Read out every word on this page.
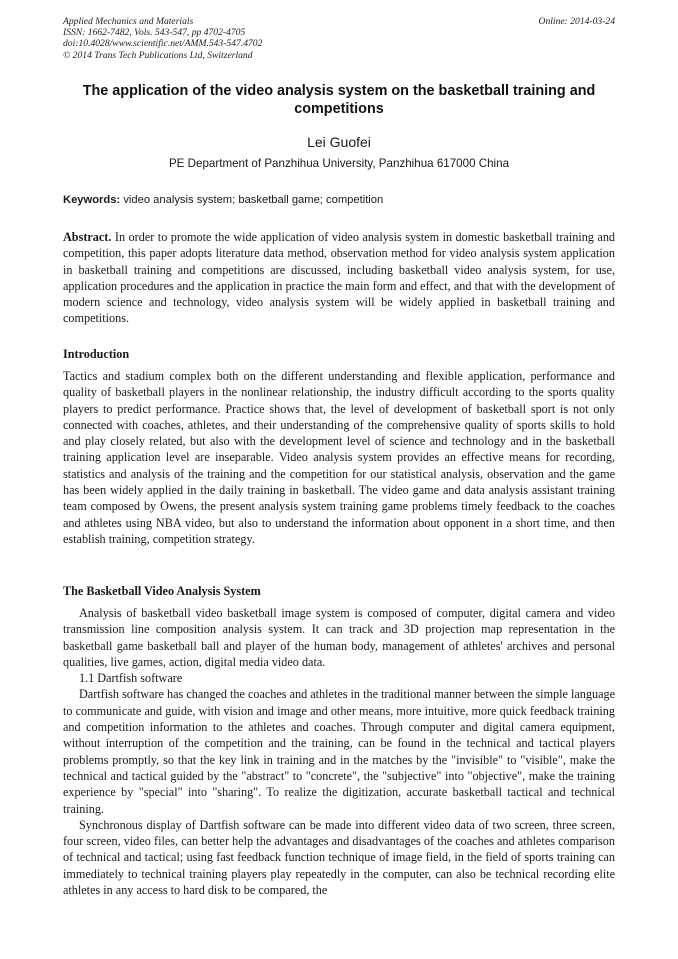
Applied Mechanics and Materials
ISSN: 1662-7482, Vols. 543-547, pp 4702-4705
doi:10.4028/www.scientific.net/AMM.543-547.4702
© 2014 Trans Tech Publications Ltd, Switzerland
Online: 2014-03-24
The application of the video analysis system on the basketball training and competitions
Lei Guofei
PE Department of Panzhihua University, Panzhihua 617000 China
Keywords: video analysis system; basketball game; competition
Abstract. In order to promote the wide application of video analysis system in domestic basketball training and competition, this paper adopts literature data method, observation method for video analysis system application in basketball training and competitions are discussed, including basketball video analysis system, for use, application procedures and the application in practice the main form and effect, and that with the development of modern science and technology, video analysis system will be widely applied in basketball training and competitions.
Introduction
Tactics and stadium complex both on the different understanding and flexible application, performance and quality of basketball players in the nonlinear relationship, the industry difficult according to the sports quality players to predict performance. Practice shows that, the level of development of basketball sport is not only connected with coaches, athletes, and their understanding of the comprehensive quality of sports skills to hold and play closely related, but also with the development level of science and technology and in the basketball training application level are inseparable. Video analysis system provides an effective means for recording, statistics and analysis of the training and the competition for our statistical analysis, observation and the game has been widely applied in the daily training in basketball. The video game and data analysis assistant training team composed by Owens, the present analysis system training game problems timely feedback to the coaches and athletes using NBA video, but also to understand the information about opponent in a short time, and then establish training, competition strategy.
The Basketball Video Analysis System

Analysis of basketball video basketball image system is composed of computer, digital camera and video transmission line composition analysis system. It can track and 3D projection map representation in the basketball game basketball ball and player of the human body, management of athletes' archives and personal qualities, live games, action, digital media video data.

1.1 Dartfish software

Dartfish software has changed the coaches and athletes in the traditional manner between the simple language to communicate and guide, with vision and image and other means, more intuitive, more quick feedback training and competition information to the athletes and coaches. Through computer and digital camera equipment, without interruption of the competition and the training, can be found in the technical and tactical players problems promptly, so that the key link in training and in the matches by the "invisible" to "visible", make the technical and tactical guided by the "abstract" to "concrete", the "subjective" into "objective", make the training experience by "special" into "sharing". To realize the digitization, accurate basketball tactical and technical training.

Synchronous display of Dartfish software can be made into different video data of two screen, three screen, four screen, video files, can better help the advantages and disadvantages of the coaches and athletes comparison of technical and tactical; using fast feedback function technique of image field, in the field of sports training can immediately to technical training players play repeatedly in the computer, can also be technical recording elite athletes in any access to hard disk to be compared, the
